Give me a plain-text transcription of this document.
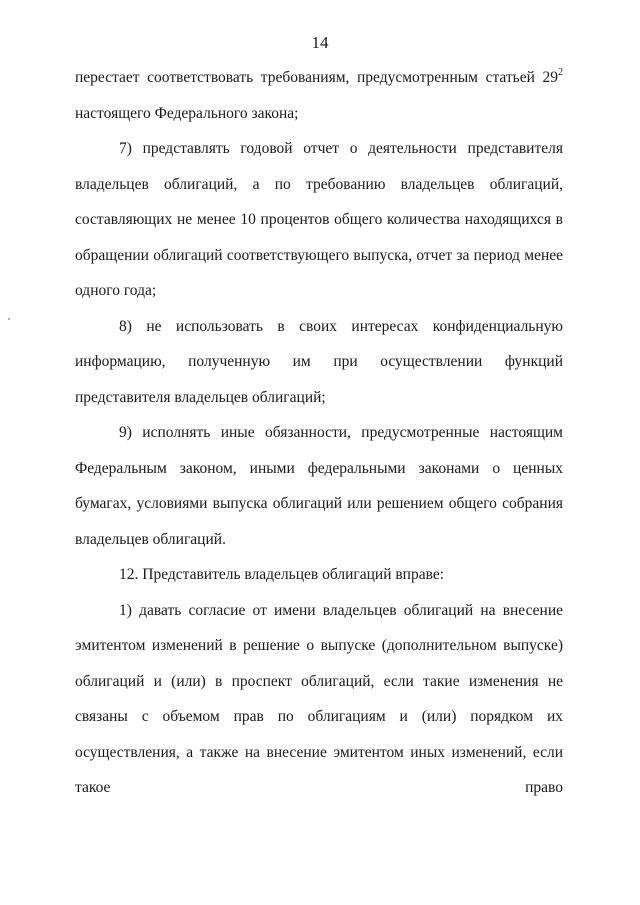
14

перестает соответствовать требованиям, предусмотренным статьей $29^2$ настоящего Федерального закона;

7) представлять годовой отчет о деятельности представителя владельцев облигаций, а по требованию владельцев облигаций, составляющих не менее 10 процентов общего количества находящихся в обращении облигаций соответствующего выпуска, отчет за период менее одного года;

8) не использовать в своих интересах конфиденциальную информацию, полученную им при осуществлении функций представителя владельцев облигаций;

9) исполнять иные обязанности, предусмотренные настоящим Федеральным законом, иными федеральными законами о ценных бумагах, условиями выпуска облигаций или решением общего собрания владельцев облигаций.

12. Представитель владельцев облигаций вправе:

1) давать согласие от имени владельцев облигаций на внесение эмитентом изменений в решение о выпуске (дополнительном выпуске) облигаций и (или) в проспект облигаций, если такие изменения не связаны с объемом прав по облигациям и (или) порядком их осуществления, а также на внесение эмитентом иных изменений, если такое право
